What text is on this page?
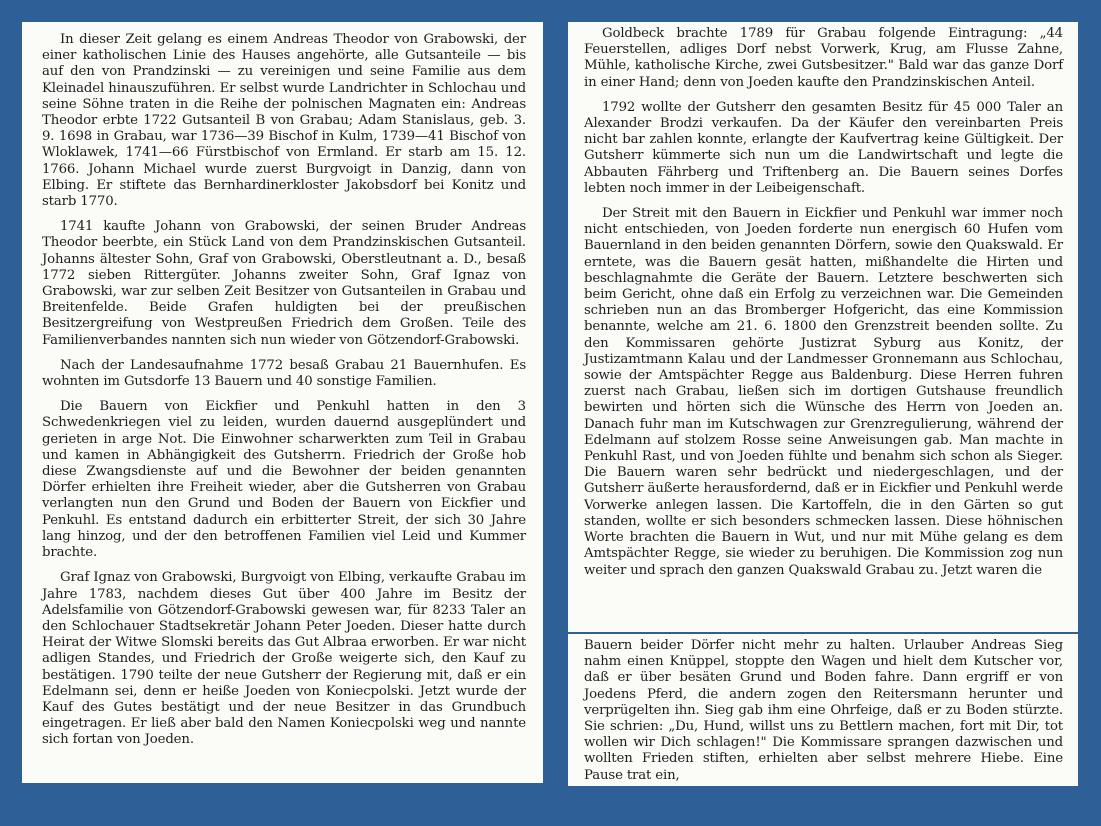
In dieser Zeit gelang es einem Andreas Theodor von Grabowski, der einer katholischen Linie des Hauses angehörte, alle Gutsanteile — bis auf den von Prandzinski — zu vereinigen und seine Familie aus dem Kleinadel hinauszuführen. Er selbst wurde Landrichter in Schlochau und seine Söhne traten in die Reihe der polnischen Magnaten ein: Andreas Theodor erbte 1722 Gutsanteil B von Grabau; Adam Stanislaus, geb. 3. 9. 1698 in Grabau, war 1736—39 Bischof in Kulm, 1739—41 Bischof von Wloklawek, 1741—66 Fürstbischof von Ermland. Er starb am 15. 12. 1766. Johann Michael wurde zuerst Burgvoigt in Danzig, dann von Elbing. Er stiftete das Bernhardinerkloster Jakobsdorf bei Konitz und starb 1770.

1741 kaufte Johann von Grabowski, der seinen Bruder Andreas Theodor beerbte, ein Stück Land von dem Prandzinskischen Gutsanteil. Johanns ältester Sohn, Graf von Grabowski, Oberstleutnant a. D., besaß 1772 sieben Rittergüter. Johanns zweiter Sohn, Graf Ignaz von Grabowski, war zur selben Zeit Besitzer von Gutsanteilen in Grabau und Breitenfelde. Beide Grafen huldigten bei der preußischen Besitzergreifung von Westpreußen Friedrich dem Großen. Teile des Familienverbandes nannten sich nun wieder von Götzendorf-Grabowski.

Nach der Landesaufnahme 1772 besaß Grabau 21 Bauernhufen. Es wohnten im Gutsdorfe 13 Bauern und 40 sonstige Familien.

Die Bauern von Eickfier und Penkuhl hatten in den 3 Schwedenkriegen viel zu leiden, wurden dauernd ausgeplündert und gerieten in arge Not. Die Einwohner scharwerkten zum Teil in Grabau und kamen in Abhängigkeit des Gutsherrn. Friedrich der Große hob diese Zwangsdienste auf und die Bewohner der beiden genannten Dörfer erhielten ihre Freiheit wieder, aber die Gutsherren von Grabau verlangten nun den Grund und Boden der Bauern von Eickfier und Penkuhl. Es entstand dadurch ein erbitterter Streit, der sich 30 Jahre lang hinzog, und der den betroffenen Familien viel Leid und Kummer brachte.

Graf Ignaz von Grabowski, Burgvoigt von Elbing, verkaufte Grabau im Jahre 1783, nachdem dieses Gut über 400 Jahre im Besitz der Adelsfamilie von Götzendorf-Grabowski gewesen war, für 8233 Taler an den Schlochauer Stadtsekretär Johann Peter Joeden. Dieser hatte durch Heirat der Witwe Slomski bereits das Gut Albraa erworben. Er war nicht adligen Standes, und Friedrich der Große weigerte sich, den Kauf zu bestätigen. 1790 teilte der neue Gutsherr der Regierung mit, daß er ein Edelmann sei, denn er heiße Joeden von Koniecpolski. Jetzt wurde der Kauf des Gutes bestätigt und der neue Besitzer in das Grundbuch eingetragen. Er ließ aber bald den Namen Koniecpolski weg und nannte sich fortan von Joeden.

Goldbeck brachte 1789 für Grabau folgende Eintragung: „44 Feuerstellen, adliges Dorf nebst Vorwerk, Krug, am Flusse Zahne, Mühle, katholische Kirche, zwei Gutsbesitzer." Bald war das ganze Dorf in einer Hand; denn von Joeden kaufte den Prandzinskischen Anteil.

1792 wollte der Gutsherr den gesamten Besitz für 45 000 Taler an Alexander Brodzi verkaufen. Da der Käufer den vereinbarten Preis nicht bar zahlen konnte, erlangte der Kaufvertrag keine Gültigkeit. Der Gutsherr kümmerte sich nun um die Landwirtschaft und legte die Abbauten Fährberg und Triftenberg an. Die Bauern seines Dorfes lebten noch immer in der Leibeigenschaft.

Der Streit mit den Bauern in Eickfier und Penkuhl war immer noch nicht entschieden, von Joeden forderte nun energisch 60 Hufen vom Bauernland in den beiden genannten Dörfern, sowie den Quakswald. Er erntete, was die Bauern gesät hatten, mißhandelte die Hirten und beschlagnahmte die Geräte der Bauern. Letztere beschwerten sich beim Gericht, ohne daß ein Erfolg zu verzeichnen war. Die Gemeinden schrieben nun an das Bromberger Hofgericht, das eine Kommission benannte, welche am 21. 6. 1800 den Grenzstreit beenden sollte. Zu den Kommissaren gehörte Justizrat Syburg aus Konitz, der Justizamtmann Kalau und der Landmesser Gronnemann aus Schlochau, sowie der Amtspächter Regge aus Baldenburg. Diese Herren fuhren zuerst nach Grabau, ließen sich im dortigen Gutshause freundlich bewirten und hörten sich die Wünsche des Herrn von Joeden an. Danach fuhr man im Kutschwagen zur Grenzregulierung, während der Edelmann auf stolzem Rosse seine Anweisungen gab. Man machte in Penkuhl Rast, und von Joeden fühlte und benahm sich schon als Sieger. Die Bauern waren sehr bedrückt und niedergeschlagen, und der Gutsherr äußerte herausfordernd, daß er in Eickfier und Penkuhl werde Vorwerke anlegen lassen. Die Kartoffeln, die in den Gärten so gut standen, wollte er sich besonders schmecken lassen. Diese höhnischen Worte brachten die Bauern in Wut, und nur mit Mühe gelang es dem Amtspächter Regge, sie wieder zu beruhigen. Die Kommission zog nun weiter und sprach den ganzen Quakswald Grabau zu. Jetzt waren die

Bauern beider Dörfer nicht mehr zu halten. Urlauber Andreas Sieg nahm einen Knüppel, stoppte den Wagen und hielt dem Kutscher vor, daß er über besäten Grund und Boden fahre. Dann ergriff er von Joedens Pferd, die andern zogen den Reitersmann herunter und verprügelten ihn. Sieg gab ihm eine Ohrfeige, daß er zu Boden stürzte. Sie schrien: „Du, Hund, willst uns zu Bettlern machen, fort mit Dir, tot wollen wir Dich schlagen!" Die Kommissare sprangen dazwischen und wollten Frieden stiften, erhielten aber selbst mehrere Hiebe. Eine Pause trat ein,
